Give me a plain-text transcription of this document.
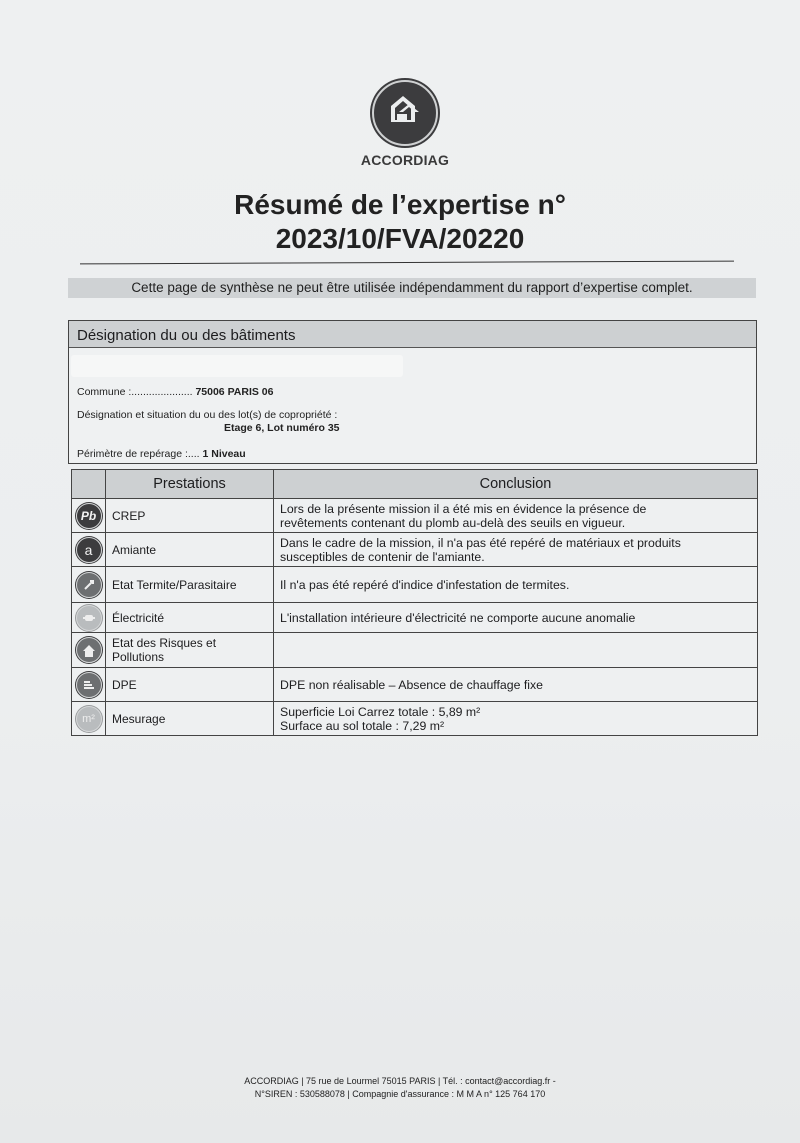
ACCORDIAG
Résumé de l’expertise n°
2023/10/FVA/20220
Cette page de synthèse ne peut être utilisée indépendamment du rapport d’expertise complet.
Désignation du ou des bâtiments
Commune :..................... 75006 PARIS 06
Désignation et situation du ou des lot(s) de copropriété :
Etage 6, Lot numéro 35
Périmètre de repérage :.... 1 Niveau
	Prestations	Conclusion
Pb	CREP	Lors de la présente mission il a été mis en évidence la présence de
revêtements contenant du plomb au-delà des seuils en vigueur.

a	Amiante	Dans le cadre de la mission, il n'a pas été repéré de matériaux et produits
susceptibles de contenir de l'amiante.

	Etat Termite/Parasitaire	Il n'a pas été repéré d'indice d'infestation de termites.
	Électricité	L'installation intérieure d'électricité ne comporte aucune anomalie
	Etat des Risques et Pollutions	
	DPE	DPE non réalisable – Absence de chauffage fixe
m²	Mesurage	Superficie Loi Carrez totale : 5,89 m²
Surface au sol totale : 7,29 m²
ACCORDIAG | 75 rue de Lourmel 75015 PARIS | Tél. : contact@accordiag.fr -
N°SIREN : 530588078 | Compagnie d'assurance : M M A n° 125 764 170
